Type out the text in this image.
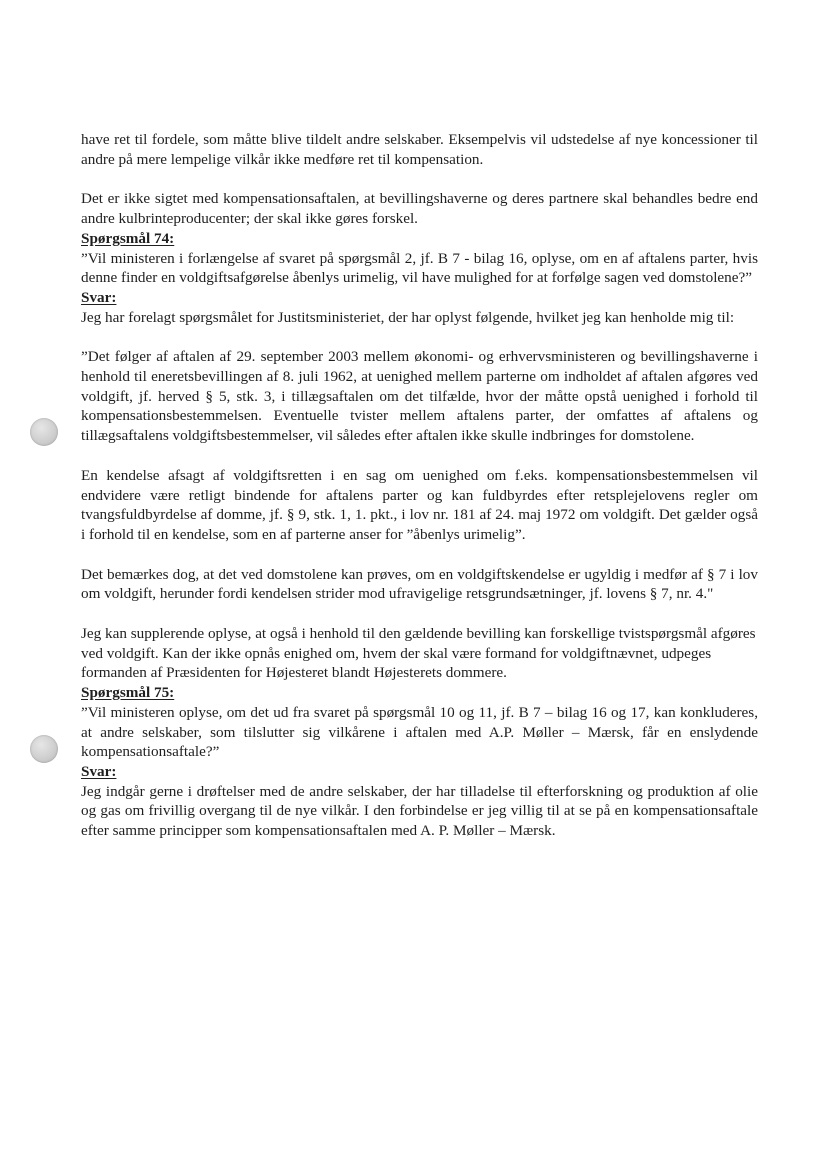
have ret til fordele, som måtte blive tildelt andre selskaber. Eksempelvis vil udstedelse af nye koncessioner til andre på mere lempelige vilkår ikke medføre ret til kompensation.

Det er ikke sigtet med kompensationsaftalen, at bevillingshaverne og deres partnere skal behandles bedre end andre kulbrinteproducenter; der skal ikke gøres forskel.

Spørgsmål 74:

”Vil ministeren i forlængelse af svaret på spørgsmål 2, jf. B 7 - bilag 16, oplyse, om en af aftalens parter, hvis denne finder en voldgiftsafgørelse åbenlys urimelig, vil have mulighed for at forfølge sagen ved domstolene?”

Svar:

Jeg har forelagt spørgsmålet for Justitsministeriet, der har oplyst følgende, hvilket jeg kan henholde mig til:

”Det følger af aftalen af 29. september 2003 mellem økonomi- og erhvervsministeren og bevillingshaverne i henhold til eneretsbevillingen af 8. juli 1962, at uenighed mellem parterne om indholdet af aftalen afgøres ved voldgift, jf. herved § 5, stk. 3, i tillægsaftalen om det tilfælde, hvor der måtte opstå uenighed i forhold til kompensationsbestemmelsen. Eventuelle tvister mellem aftalens parter, der omfattes af aftalens og tillægsaftalens voldgiftsbestemmelser, vil således efter aftalen ikke skulle indbringes for domstolene.

En kendelse afsagt af voldgiftsretten i en sag om uenighed om f.eks. kompensationsbestemmelsen vil endvidere være retligt bindende for aftalens parter og kan fuldbyrdes efter retsplejelovens regler om tvangsfuldbyrdelse af domme, jf. § 9, stk. 1, 1. pkt., i lov nr. 181 af 24. maj 1972 om voldgift. Det gælder også i forhold til en kendelse, som en af parterne anser for ”åbenlys urimelig”.

Det bemærkes dog, at det ved domstolene kan prøves, om en voldgiftskendelse er ugyldig i medfør af § 7 i lov om voldgift, herunder fordi kendelsen strider mod ufravigelige retsgrundsætninger, jf. lovens § 7, nr. 4."

Jeg kan supplerende oplyse, at også i henhold til den gældende bevilling kan forskellige tvistspørgsmål afgøres ved voldgift. Kan der ikke opnås enighed om, hvem der skal være formand for voldgiftnævnet, udpeges formanden af Præsidenten for Højesteret blandt Højesterets dommere.

Spørgsmål 75:

”Vil ministeren oplyse, om det ud fra svaret på spørgsmål 10 og 11, jf. B 7 – bilag 16 og 17, kan konkluderes, at andre selskaber, som tilslutter sig vilkårene i aftalen med A.P. Møller – Mærsk, får en enslydende kompensationsaftale?”

Svar:

Jeg indgår gerne i drøftelser med de andre selskaber, der har tilladelse til efterforskning og produktion af olie og gas om frivillig overgang til de nye vilkår. I den forbindelse er jeg villig til at se på en kompensationsaftale efter samme principper som kompensationsaftalen med A. P. Møller – Mærsk.
